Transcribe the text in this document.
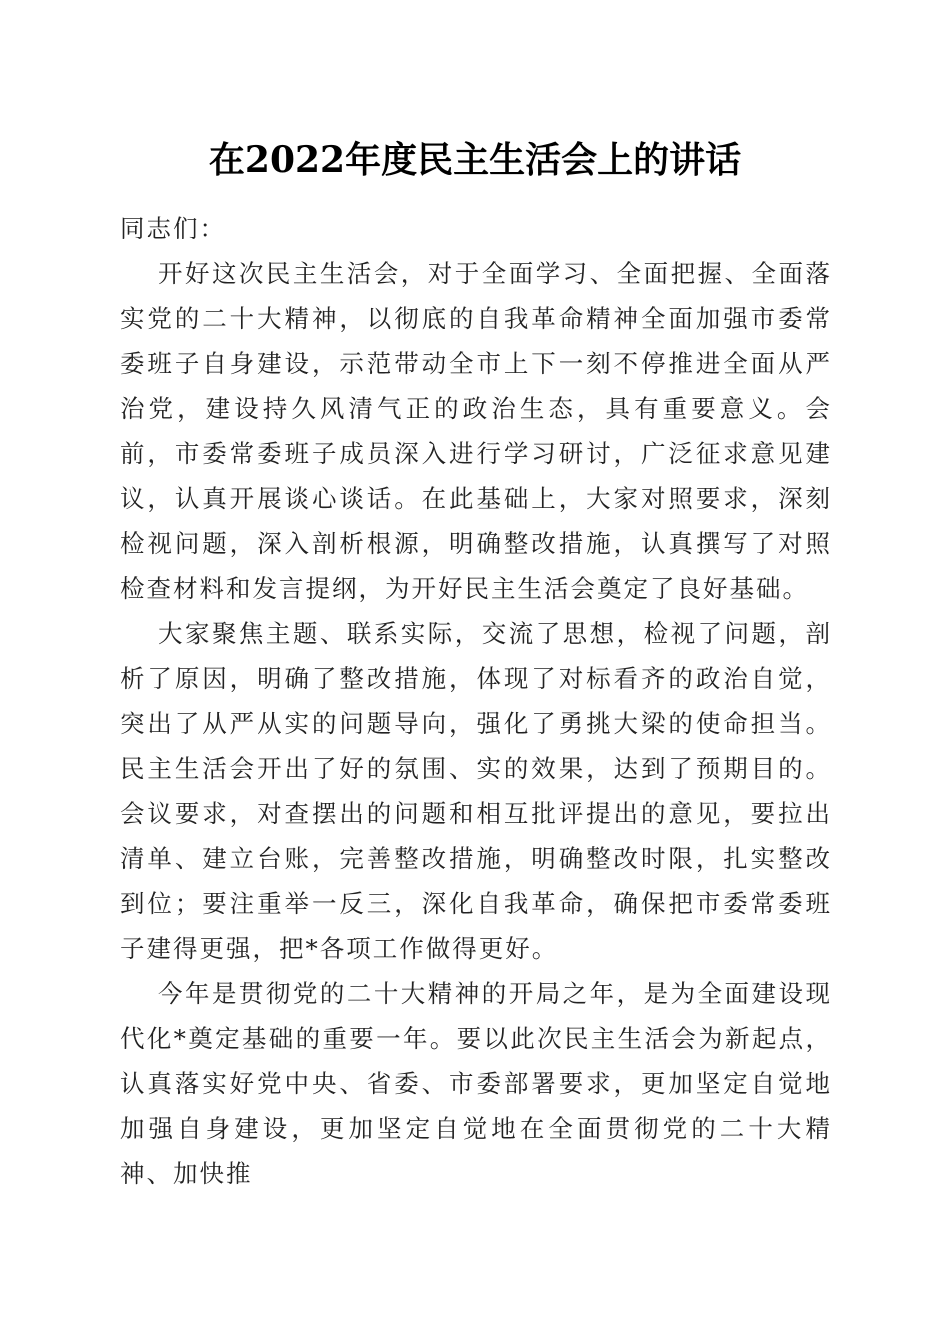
在2022年度民主生活会上的讲话

同志们：

开好这次民主生活会，对于全面学习、全面把握、全面落实党的二十大精神，以彻底的自我革命精神全面加强市委常委班子自身建设，示范带动全市上下一刻不停推进全面从严治党，建设持久风清气正的政治生态，具有重要意义。会前，市委常委班子成员深入进行学习研讨，广泛征求意见建议，认真开展谈心谈话。在此基础上，大家对照要求，深刻检视问题，深入剖析根源，明确整改措施，认真撰写了对照检查材料和发言提纲，为开好民主生活会奠定了良好基础。

大家聚焦主题、联系实际，交流了思想，检视了问题，剖析了原因，明确了整改措施，体现了对标看齐的政治自觉，突出了从严从实的问题导向，强化了勇挑大梁的使命担当。民主生活会开出了好的氛围、实的效果，达到了预期目的。会议要求，对查摆出的问题和相互批评提出的意见，要拉出清单、建立台账，完善整改措施，明确整改时限，扎实整改到位；要注重举一反三，深化自我革命，确保把市委常委班子建得更强，把*各项工作做得更好。

今年是贯彻党的二十大精神的开局之年，是为全面建设现代化*奠定基础的重要一年。要以此次民主生活会为新起点，认真落实好党中央、省委、市委部署要求，更加坚定自觉地加强自身建设，更加坚定自觉地在全面贯彻党的二十大精神、加快推
